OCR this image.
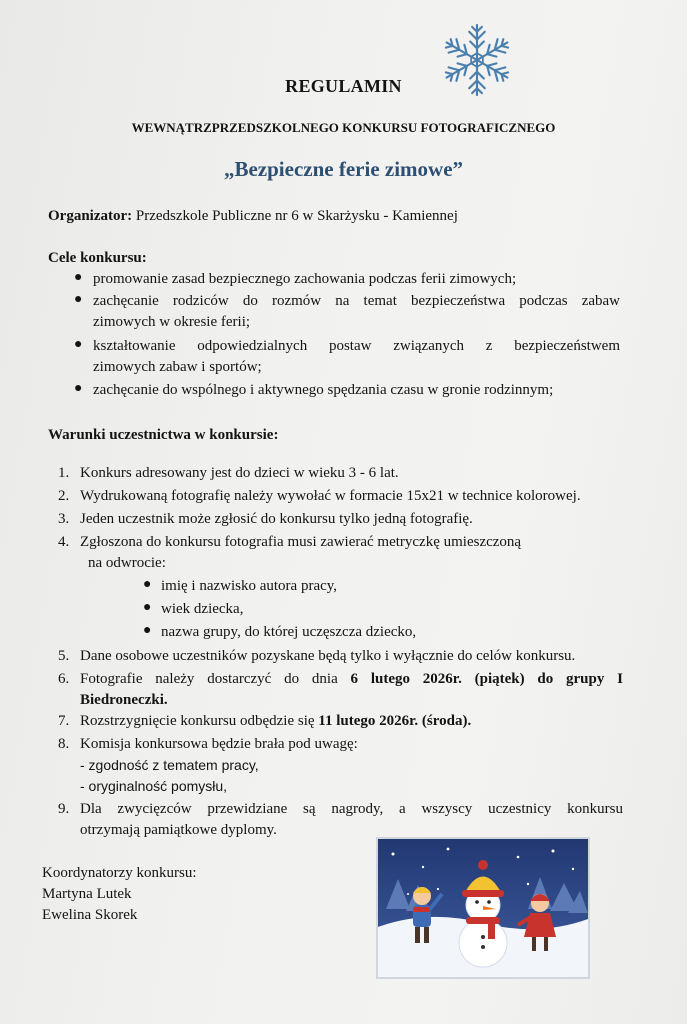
REGULAMIN
WEWNĄTRZPRZEDSZKOLNEGO KONKURSU FOTOGRAFICZNEGO
„Bezpieczne ferie zimowe”
Organizator: Przedszkole Publiczne nr 6 w Skarżysku - Kamiennej
Cele konkursu:
● promowanie zasad bezpiecznego zachowania podczas ferii zimowych;
● zachęcanie rodziców do rozmów na temat bezpieczeństwa podczas zabaw
zimowych w okresie ferii;
● kształtowanie odpowiedzialnych postaw związanych z bezpieczeństwem
zimowych zabaw i sportów;
● zachęcanie do wspólnego i aktywnego spędzania czasu w gronie rodzinnym;
Warunki uczestnictwa w konkursie:
1. Konkurs adresowany jest do dzieci w wieku 3 - 6 lat.
2. Wydrukowaną fotografię należy wywołać w formacie 15x21 w technice kolorowej.
3. Jeden uczestnik może zgłosić do konkursu tylko jedną fotografię.
4. Zgłoszona do konkursu fotografia musi zawierać metryczkę umieszczoną
na odwrocie:
● imię i nazwisko autora pracy,
● wiek dziecka,
● nazwa grupy, do której uczęszcza dziecko,
5. Dane osobowe uczestników pozyskane będą tylko i wyłącznie do celów konkursu.
6. Fotografie należy dostarczyć do dnia 6 lutego 2026r. (piątek) do grupy I
Biedroneczki.
7. Rozstrzygnięcie konkursu odbędzie się 11 lutego 2026r. (środa).
8. Komisja konkursowa będzie brała pod uwagę:
- zgodność z tematem pracy,
- oryginalność pomysłu,
9. Dla zwycięzców przewidziane są nagrody, a wszyscy uczestnicy konkursu
otrzymają pamiątkowe dyplomy.
Koordynatorzy konkursu:
Martyna Lutek
Ewelina Skorek
